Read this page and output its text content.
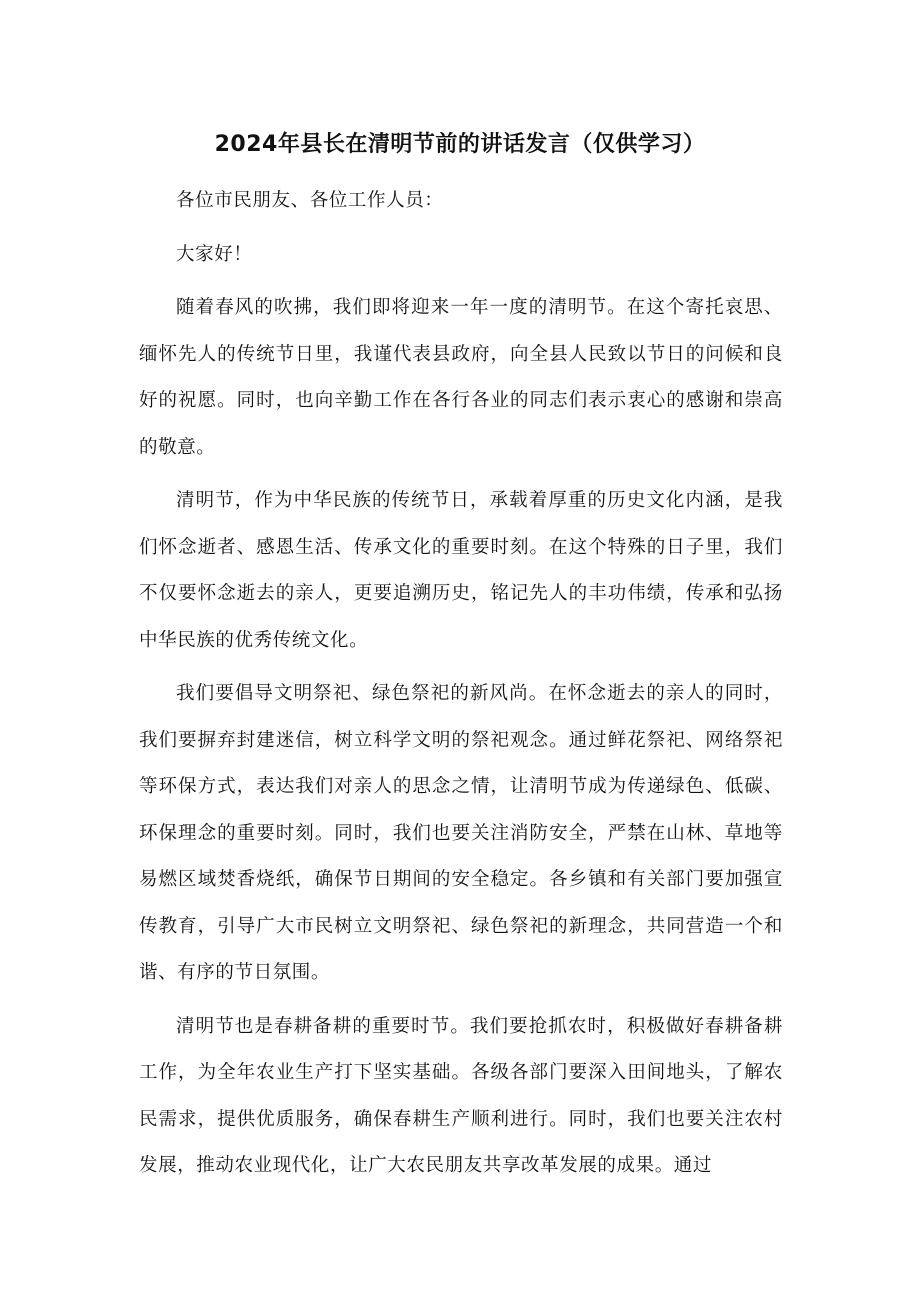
2024年县长在清明节前的讲话发言（仅供学习）

各位市民朋友、各位工作人员：

大家好！

随着春风的吹拂，我们即将迎来一年一度的清明节。在这个寄托哀思、缅怀先人的传统节日里，我谨代表县政府，向全县人民致以节日的问候和良好的祝愿。同时，也向辛勤工作在各行各业的同志们表示衷心的感谢和崇高的敬意。

清明节，作为中华民族的传统节日，承载着厚重的历史文化内涵，是我们怀念逝者、感恩生活、传承文化的重要时刻。在这个特殊的日子里，我们不仅要怀念逝去的亲人，更要追溯历史，铭记先人的丰功伟绩，传承和弘扬中华民族的优秀传统文化。

我们要倡导文明祭祀、绿色祭祀的新风尚。在怀念逝去的亲人的同时，我们要摒弃封建迷信，树立科学文明的祭祀观念。通过鲜花祭祀、网络祭祀等环保方式，表达我们对亲人的思念之情，让清明节成为传递绿色、低碳、环保理念的重要时刻。同时，我们也要关注消防安全，严禁在山林、草地等易燃区域焚香烧纸，确保节日期间的安全稳定。各乡镇和有关部门要加强宣传教育，引导广大市民树立文明祭祀、绿色祭祀的新理念，共同营造一个和谐、有序的节日氛围。

清明节也是春耕备耕的重要时节。我们要抢抓农时，积极做好春耕备耕工作，为全年农业生产打下坚实基础。各级各部门要深入田间地头，了解农民需求，提供优质服务，确保春耕生产顺利进行。同时，我们也要关注农村发展，推动农业现代化，让广大农民朋友共享改革发展的成果。通过
